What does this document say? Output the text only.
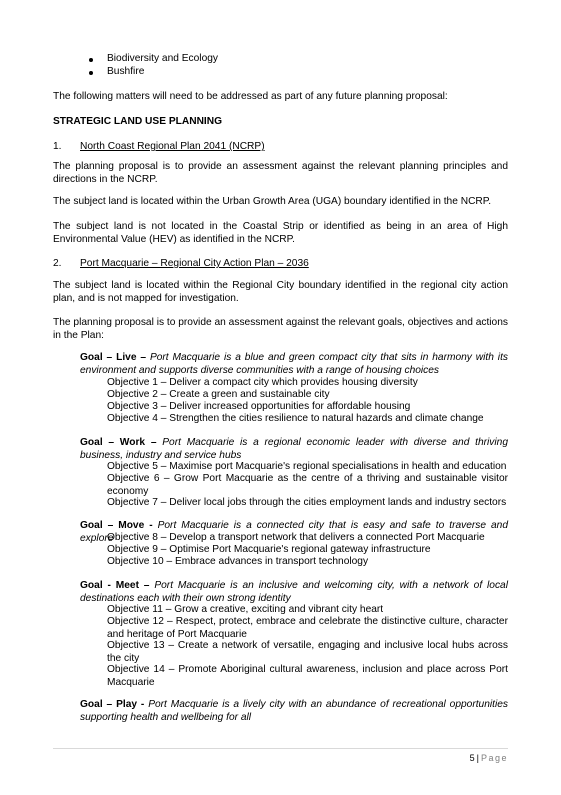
Biodiversity and Ecology
Bushfire
The following matters will need to be addressed as part of any future planning proposal:
STRATEGIC LAND USE PLANNING
1. North Coast Regional Plan 2041 (NCRP)
The planning proposal is to provide an assessment against the relevant planning principles and directions in the NCRP.
The subject land is located within the Urban Growth Area (UGA) boundary identified in the NCRP.
The subject land is not located in the Coastal Strip or identified as being in an area of High Environmental Value (HEV) as identified in the NCRP.
2. Port Macquarie – Regional City Action Plan – 2036
The subject land is located within the Regional City boundary identified in the regional city action plan, and is not mapped for investigation.
The planning proposal is to provide an assessment against the relevant goals, objectives and actions in the Plan:
Goal – Live – Port Macquarie is a blue and green compact city that sits in harmony with its environment and supports diverse communities with a range of housing choices
Objective 1 – Deliver a compact city which provides housing diversity
Objective 2 – Create a green and sustainable city
Objective 3 – Deliver increased opportunities for affordable housing
Objective 4 – Strengthen the cities resilience to natural hazards and climate change
Goal – Work – Port Macquarie is a regional economic leader with diverse and thriving business, industry and service hubs
Objective 5 – Maximise port Macquarie's regional specialisations in health and education
Objective 6 – Grow Port Macquarie as the centre of a thriving and sustainable visitor economy
Objective 7 – Deliver local jobs through the cities employment lands and industry sectors
Goal – Move - Port Macquarie is a connected city that is easy and safe to traverse and explore
Objective 8 – Develop a transport network that delivers a connected Port Macquarie
Objective 9 – Optimise Port Macquarie's regional gateway infrastructure
Objective 10 – Embrace advances in transport technology
Goal - Meet – Port Macquarie is an inclusive and welcoming city, with a network of local destinations each with their own strong identity
Objective 11 – Grow a creative, exciting and vibrant city heart
Objective 12 – Respect, protect, embrace and celebrate the distinctive culture, character and heritage of Port Macquarie
Objective 13 – Create a network of versatile, engaging and inclusive local hubs across the city
Objective 14 – Promote Aboriginal cultural awareness, inclusion and place across Port Macquarie
Goal – Play - Port Macquarie is a lively city with an abundance of recreational opportunities supporting health and wellbeing for all
5 | Page
